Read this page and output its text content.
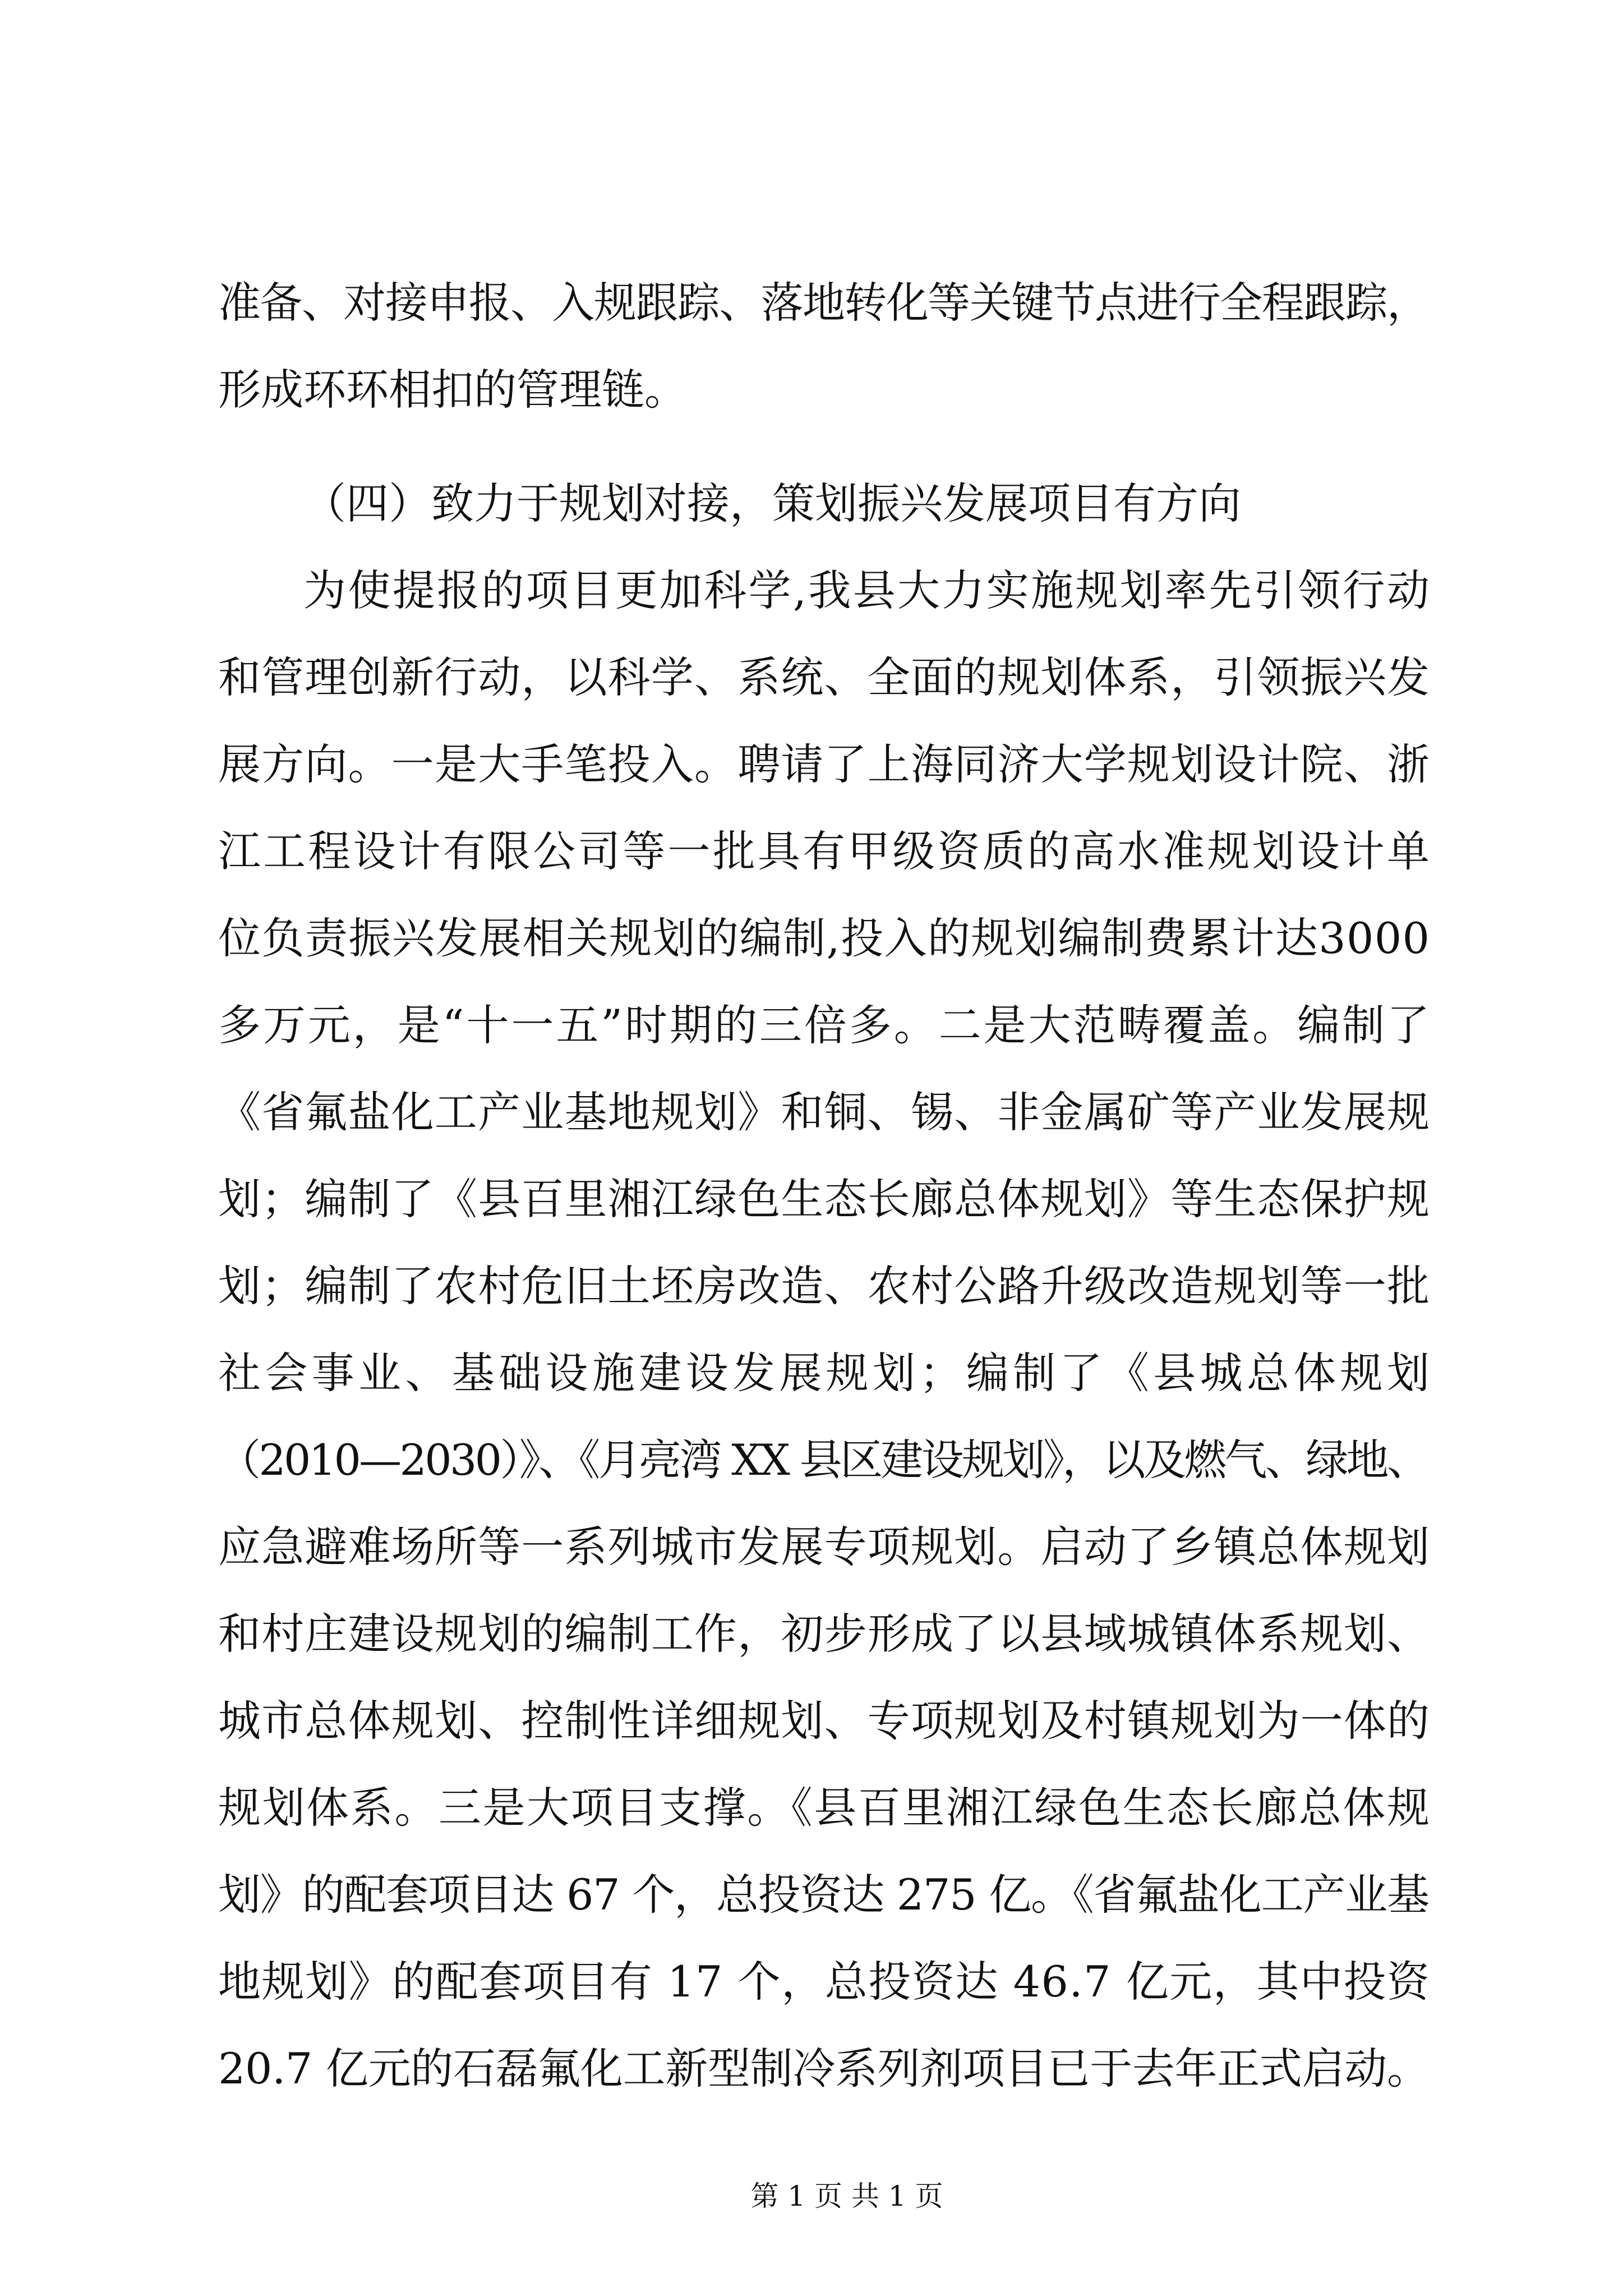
准备、对接申报、入规跟踪、落地转化等关键节点进行全程跟踪，
形成环环相扣的管理链。
（四）致力于规划对接，策划振兴发展项目有方向
为使提报的项目更加科学,我县大力实施规划率先引领行动
和管理创新行动，以科学、系统、全面的规划体系，引领振兴发
展方向。一是大手笔投入。聘请了上海同济大学规划设计院、浙
江工程设计有限公司等一批具有甲级资质的高水准规划设计单
位负责振兴发展相关规划的编制,投入的规划编制费累计达3000
多万元，是“十一五”时期的三倍多。二是大范畴覆盖。编制了
《省氟盐化工产业基地规划》和铜、锡、非金属矿等产业发展规
划；编制了《县百里湘江绿色生态长廊总体规划》等生态保护规
划；编制了农村危旧土坯房改造、农村公路升级改造规划等一批
社会事业、基础设施建设发展规划；编制了《县城总体规划
（2010—2030）》、《月亮湾 XX 县区建设规划》，以及燃气、绿地、
应急避难场所等一系列城市发展专项规划。启动了乡镇总体规划
和村庄建设规划的编制工作，初步形成了以县域城镇体系规划、
城市总体规划、控制性详细规划、专项规划及村镇规划为一体的
规划体系。三是大项目支撑。《县百里湘江绿色生态长廊总体规
划》的配套项目达 67 个，总投资达 275 亿。《省氟盐化工产业基
地规划》的配套项目有 17 个，总投资达 46.7 亿元，其中投资
20.7 亿元的石磊氟化工新型制冷系列剂项目已于去年正式启动。
第 1 页 共 1 页
